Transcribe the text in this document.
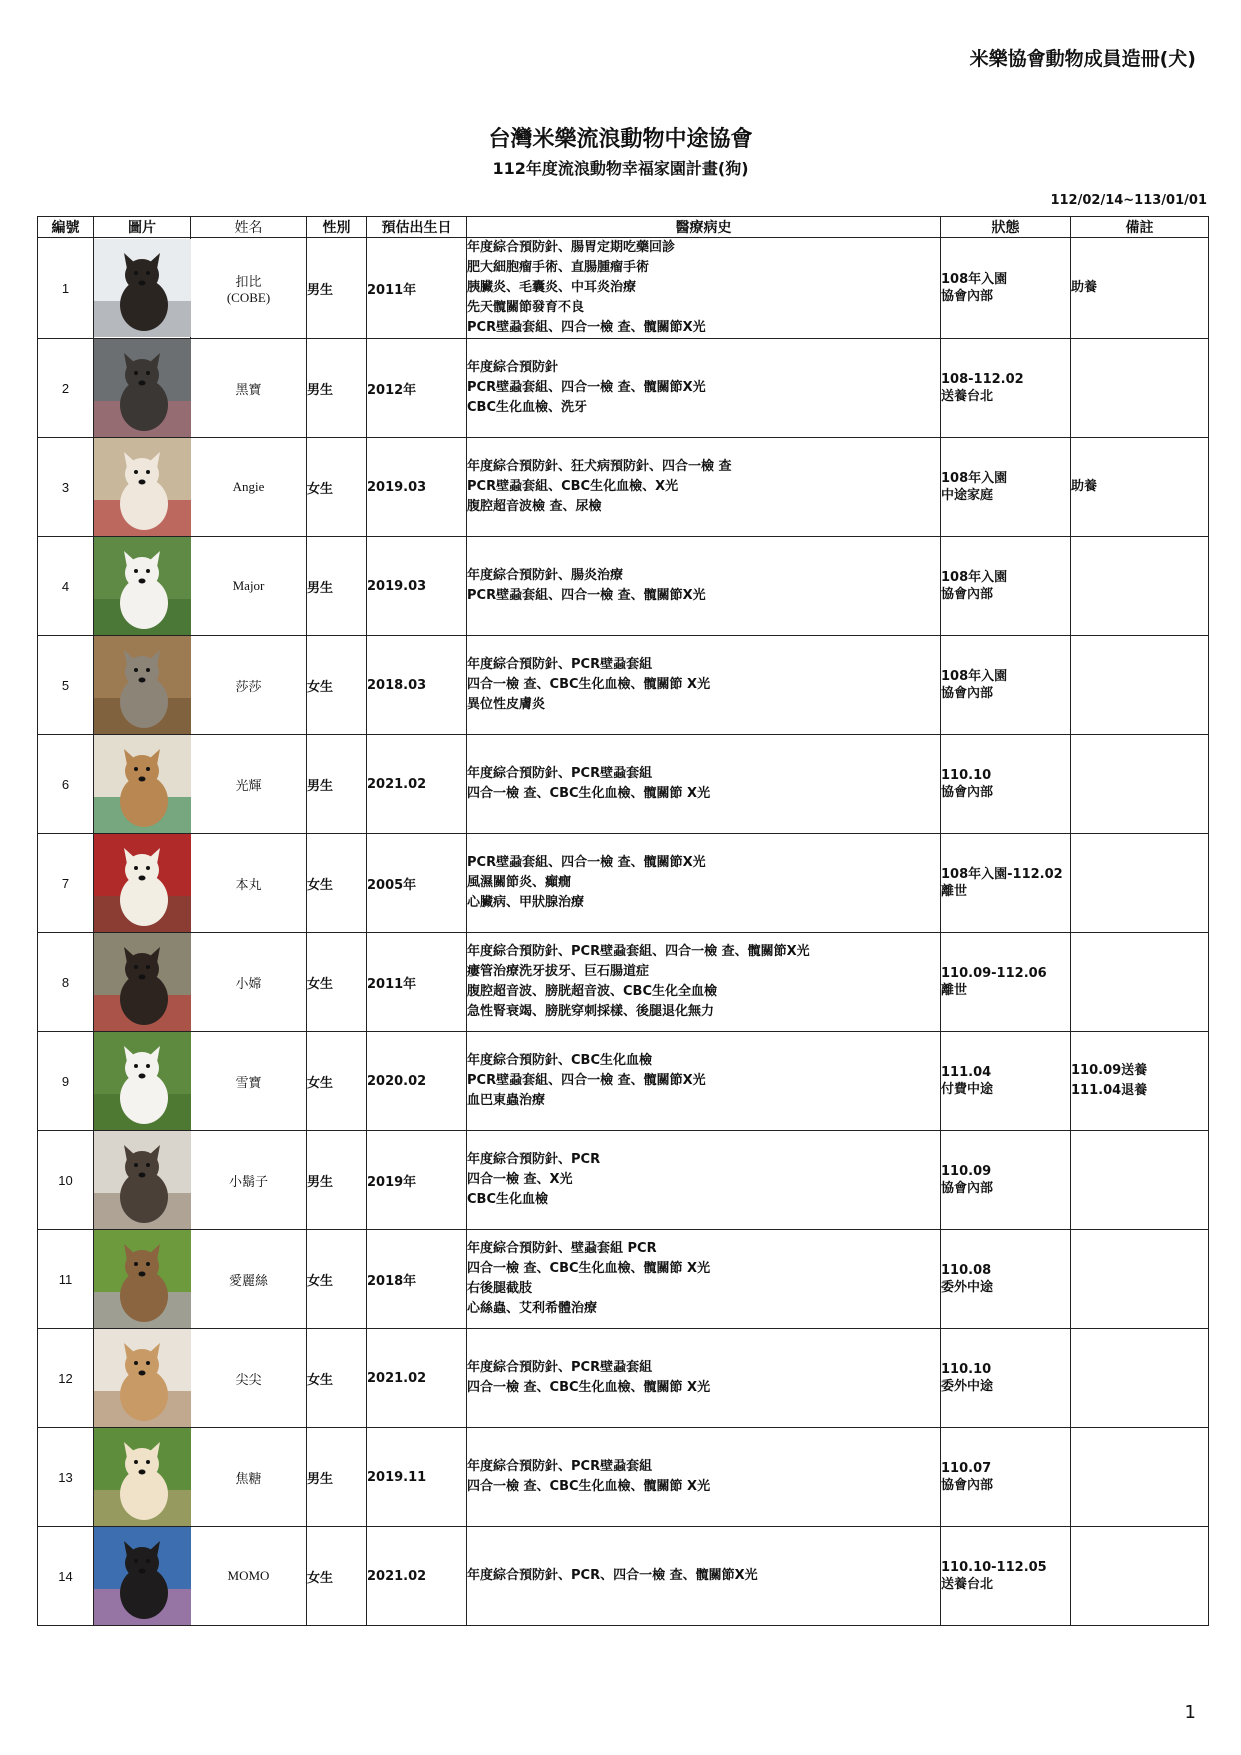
米樂協會動物成員造冊(犬)
台灣米樂流浪動物中途協會
112年度流浪動物幸福家園計畫(狗)
112/02/14~113/01/01
編號	圖片	姓名	性別	預估出生日	醫療病史	狀態	備註
1		扣比
(COBE)	男生	2011年	年度綜合預防針、腸胃定期吃藥回診
肥大細胞瘤手術、直腸腫瘤手術
胰臟炎、毛囊炎、中耳炎治療
先天髖關節發育不良
PCR壁蝨套組、四合一檢 查、髖關節X光	108年入園
協會內部	助養

2		黑寶	男生	2012年	年度綜合預防針
PCR壁蝨套組、四合一檢 查、髖關節X光
CBC生化血檢、洗牙	108-112.02
送養台北	

3		Angie	女生	2019.03	年度綜合預防針、狂犬病預防針、四合一檢 查
PCR壁蝨套組、CBC生化血檢、X光
腹腔超音波檢 查、尿檢	108年入園
中途家庭	助養

4		Major	男生	2019.03	年度綜合預防針、腸炎治療
PCR壁蝨套組、四合一檢 查、髖關節X光	108年入園
協會內部	

5		莎莎	女生	2018.03	年度綜合預防針、PCR壁蝨套組
四合一檢 查、CBC生化血檢、髖關節 X光
異位性皮膚炎	108年入園
協會內部	

6		光輝	男生	2021.02	年度綜合預防針、PCR壁蝨套組
四合一檢 查、CBC生化血檢、髖關節 X光	110.10
協會內部	

7		本丸	女生	2005年	PCR壁蝨套組、四合一檢 查、髖關節X光
風濕關節炎、癲癇
心臟病、甲狀腺治療	108年入園-112.02
離世	

8		小嫦	女生	2011年	年度綜合預防針、PCR壁蝨套組、四合一檢 查、髖關節X光
瘻管治療洗牙拔牙、巨石腸道症
腹腔超音波、膀胱超音波、CBC生化全血檢
急性腎衰竭、膀胱穿刺採樣、後腿退化無力	110.09-112.06
離世	

9		雪寶	女生	2020.02	年度綜合預防針、CBC生化血檢
PCR壁蝨套組、四合一檢 查、髖關節X光
血巴東蟲治療	111.04
付費中途	110.09送養
111.04退養

10		小鬍子	男生	2019年	年度綜合預防針、PCR
四合一檢 查、X光
CBC生化血檢	110.09
協會內部	

11		愛麗絲	女生	2018年	年度綜合預防針、壁蝨套組 PCR
四合一檢 查、CBC生化血檢、髖關節 X光
右後腿截肢
心絲蟲、艾利希體治療	110.08
委外中途	

12		尖尖	女生	2021.02	年度綜合預防針、PCR壁蝨套組
四合一檢 查、CBC生化血檢、髖關節 X光	110.10
委外中途	

13		焦糖	男生	2019.11	年度綜合預防針、PCR壁蝨套組
四合一檢 查、CBC生化血檢、髖關節 X光	110.07
協會內部	

14		MOMO	女生	2021.02	年度綜合預防針、PCR、四合一檢 查、髖關節X光	110.10-112.05
送養台北	

1
